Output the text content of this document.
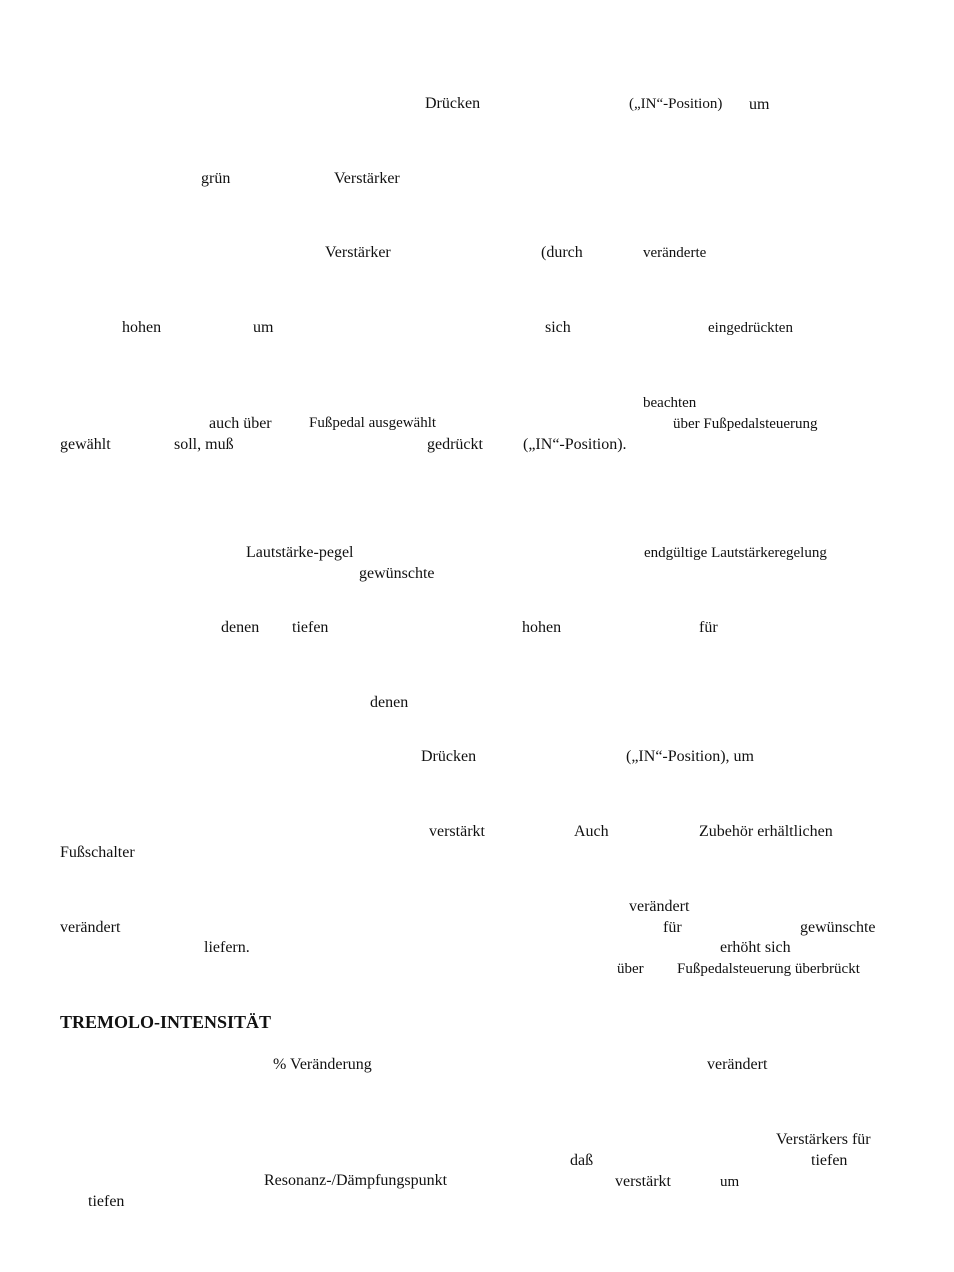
Drücken	(„IN“-Position) um
grün	Verstärker
Verstärker	(durch	veränderte
hohen	um	sich	eingedrückten
beachten
auch über Fußpedal ausgewählt	über Fußpedalsteuerung
gewählt	soll, muß	gedrückt	(„IN“-Position).
Lautstärke-pegel	endgültige Lautstärkeregelung
gewünschte
denen tiefen	hohen	für
denen
Drücken	(„IN“-Position), um
verstärkt	Auch	Zubehör erhältlichen
Fußschalter
verändert
verändert	für	gewünschte
liefern.	erhöht sich
über Fußpedalsteuerung überbrückt
TREMOLO-INTENSITÄT
% Veränderung	verändert
Verstärkers für
daß	tiefen
Resonanz-/Dämpfungspunkt	verstärkt	um
tiefen
